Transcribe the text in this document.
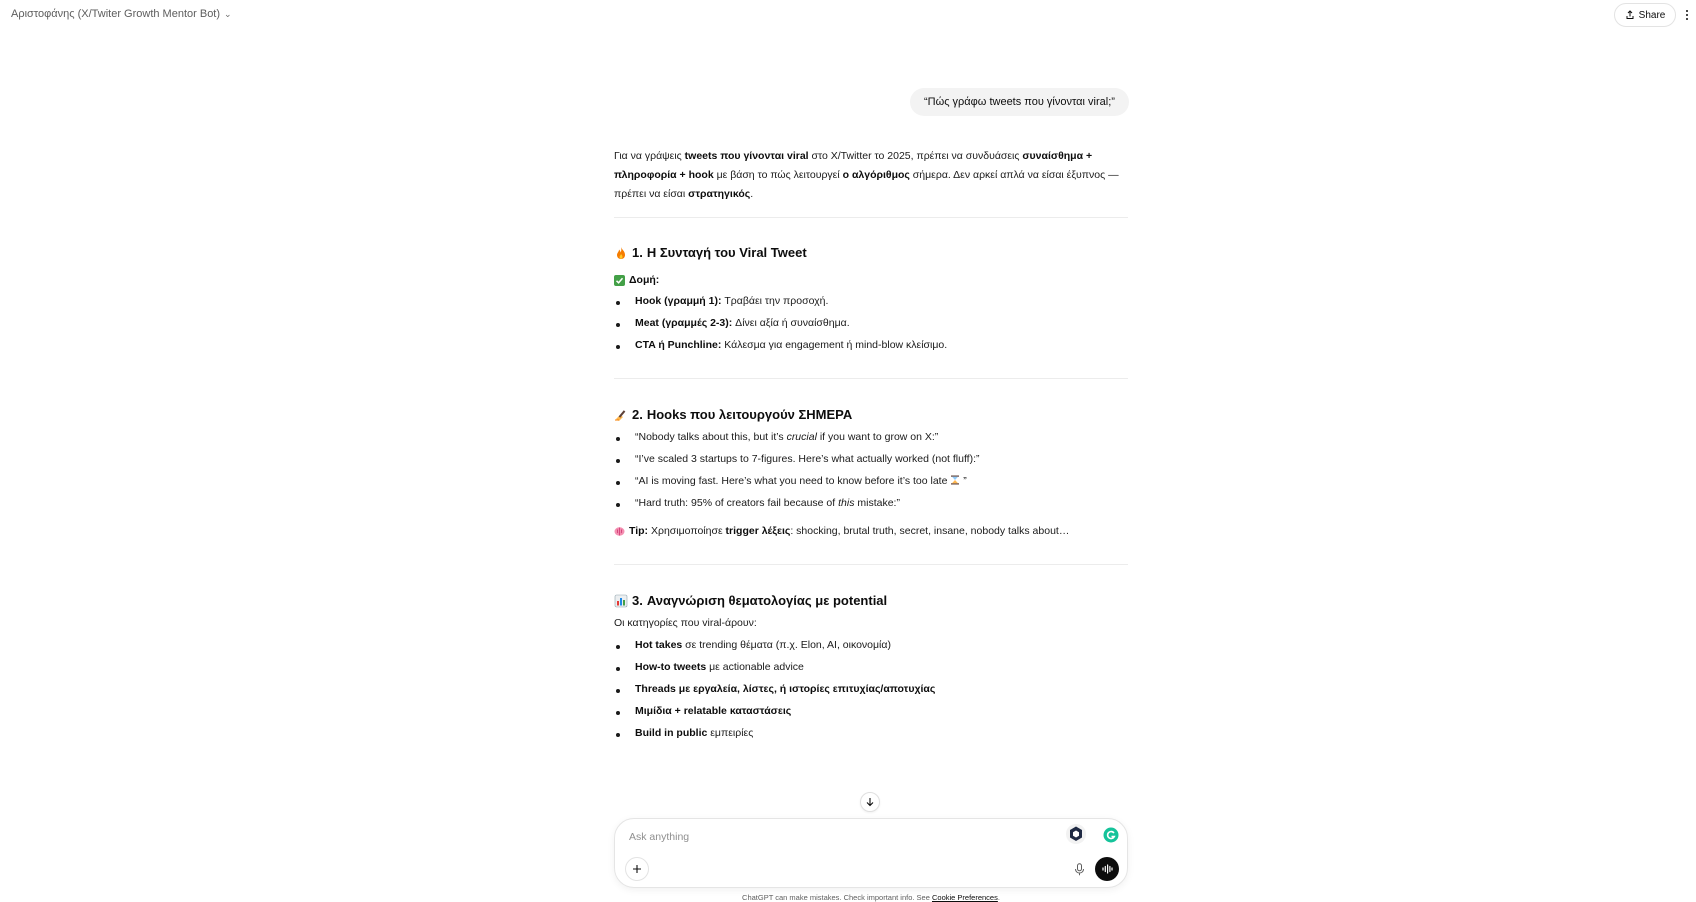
Αριστοφάνης (X/Twiter Growth Mentor Bot) ⌄	Share
“Πώς γράφω tweets που γίνονται viral;”
Για να γράψεις tweets που γίνονται viral στο X/Twitter το 2025, πρέπει να συνδυάσεις συναίσθημα + πληροφορία + hook με βάση το πώς λειτουργεί ο αλγόριθμος σήμερα. Δεν αρκεί απλά να είσαι έξυπνος — πρέπει να είσαι στρατηγικός.
1. Η Συνταγή του Viral Tweet
Δομή:
Hook (γραμμή 1): Τραβάει την προσοχή.
Meat (γραμμές 2-3): Δίνει αξία ή συναίσθημα.
CTA ή Punchline: Κάλεσμα για engagement ή mind-blow κλείσιμο.
2. Hooks που λειτουργούν ΣΗΜΕΡΑ
“Nobody talks about this, but it’s crucial if you want to grow on X:”
“I’ve scaled 3 startups to 7-figures. Here’s what actually worked (not fluff):”
“AI is moving fast. Here’s what you need to know before it’s too late  ”
“Hard truth: 95% of creators fail because of this mistake:”
Tip: Χρησιμοποίησε trigger λέξεις: shocking, brutal truth, secret, insane, nobody talks about…
3. Αναγνώριση θεματολογίας με potential
Οι κατηγορίες που viral-άρουν:
Hot takes σε trending θέματα (π.χ. Elon, AI, οικονομία)
How-to tweets με actionable advice
Threads με εργαλεία, λίστες, ή ιστορίες επιτυχίας/αποτυχίας
Μιμίδια + relatable καταστάσεις
Build in public εμπειρίες
Ask anything
ChatGPT can make mistakes. Check important info. See Cookie Preferences.
